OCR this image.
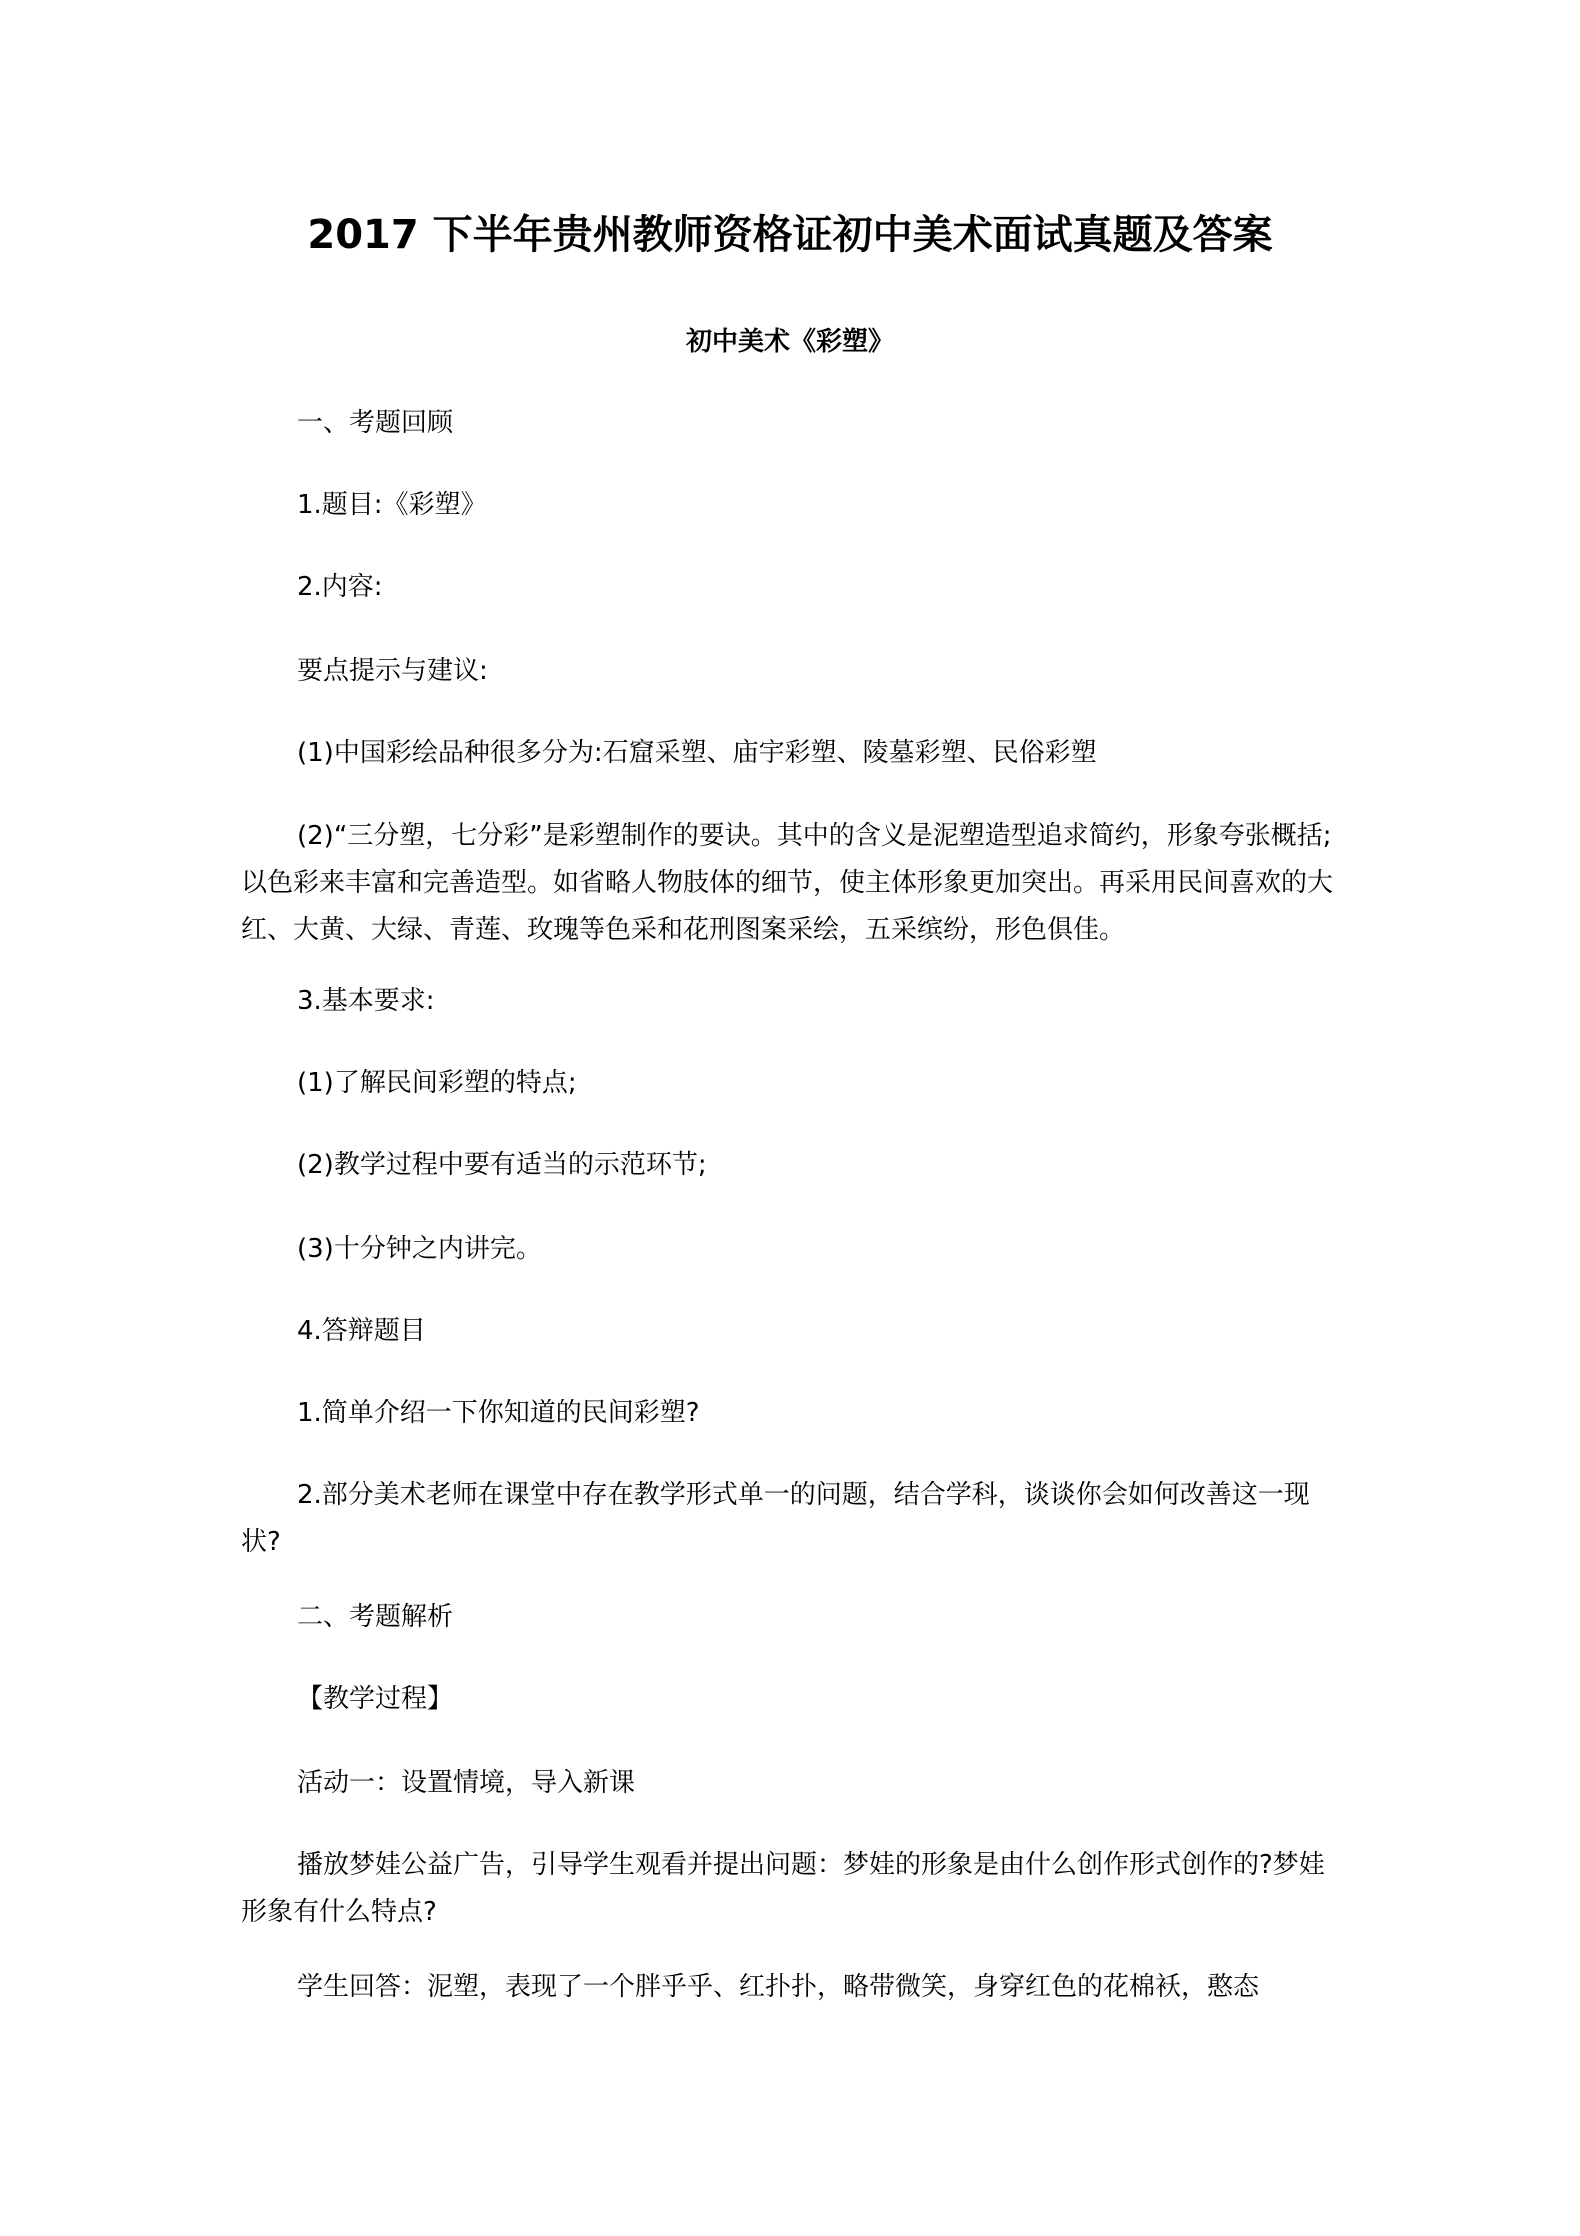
2017 下半年贵州教师资格证初中美术面试真题及答案
初中美术《彩塑》

一、考题回顾

1.题目:《彩塑》

2.内容:

要点提示与建议:

(1)中国彩绘品种很多分为:石窟采塑、庙宇彩塑、陵墓彩塑、民俗彩塑

(2)“三分塑，七分彩”是彩塑制作的要诀。其中的含义是泥塑造型追求简约，形象夸张概括;以色彩来丰富和完善造型。如省略人物肢体的细节，使主体形象更加突出。再采用民间喜欢的大红、大黄、大绿、青莲、玫瑰等色采和花刑图案采绘，五采缤纷，形色俱佳。

3.基本要求:

(1)了解民间彩塑的特点;

(2)教学过程中要有适当的示范环节;

(3)十分钟之内讲完。

4.答辩题目

1.简单介绍一下你知道的民间彩塑?

2.部分美术老师在课堂中存在教学形式单一的问题，结合学科，谈谈你会如何改善这一现状?

二、考题解析

【教学过程】

活动一：设置情境，导入新课

播放梦娃公益广告，引导学生观看并提出问题：梦娃的形象是由什么创作形式创作的?梦娃形象有什么特点?

学生回答：泥塑，表现了一个胖乎乎、红扑扑，略带微笑，身穿红色的花棉袄，憨态
